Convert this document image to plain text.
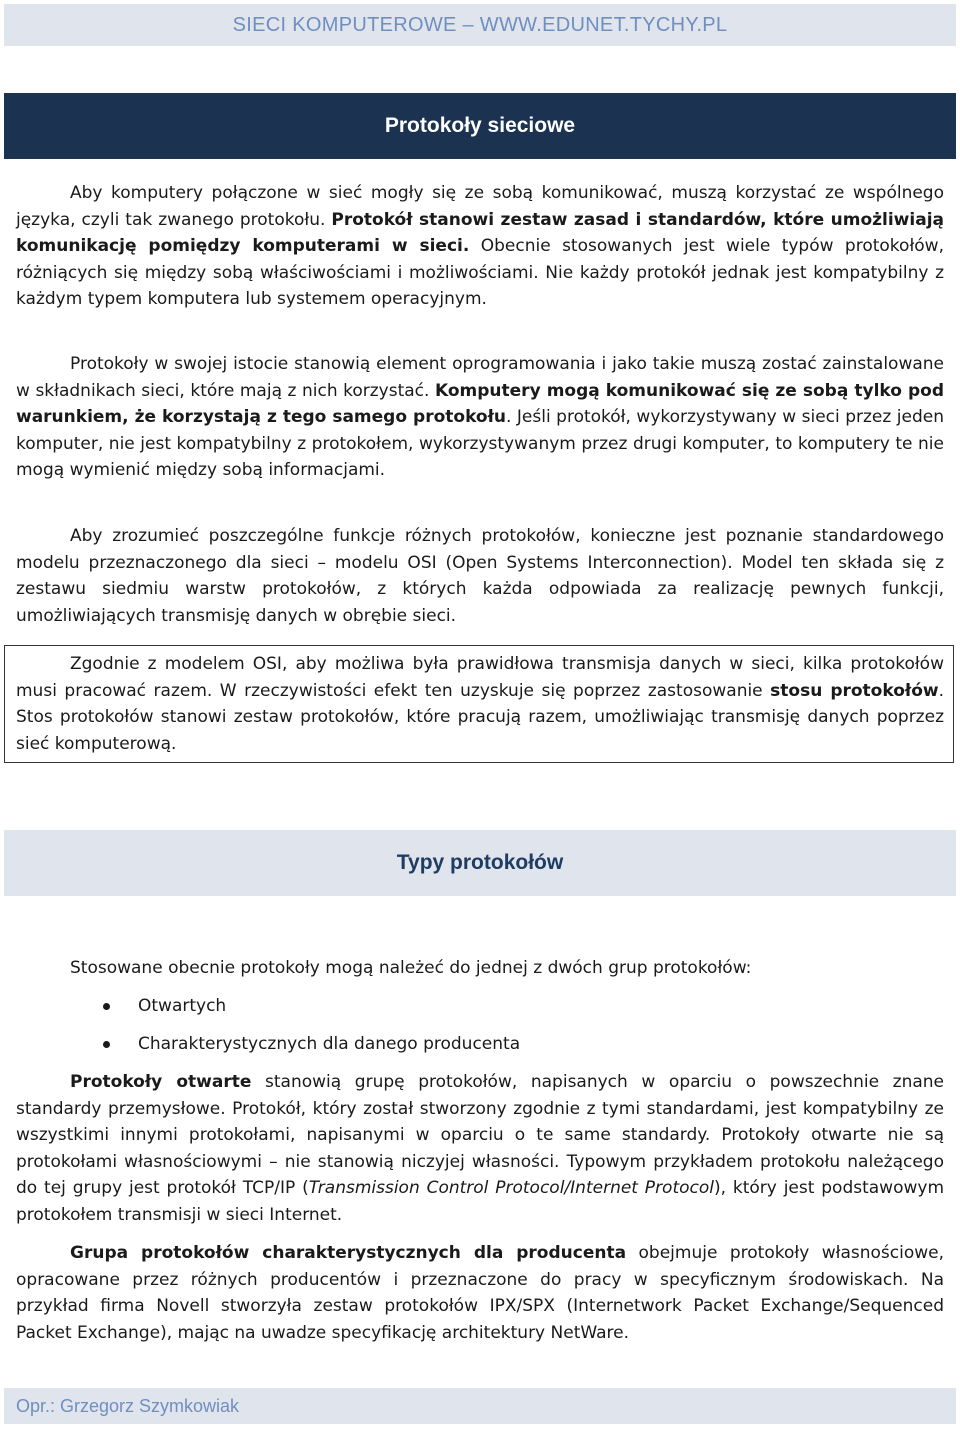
SIECI KOMPUTEROWE – WWW.EDUNET.TYCHY.PL
Protokoły sieciowe

Aby komputery połączone w sieć mogły się ze sobą komunikować, muszą korzystać ze wspólnego języka, czyli tak zwanego protokołu. Protokół stanowi zestaw zasad i standardów, które umożliwiają komunikację pomiędzy komputerami w sieci. Obecnie stosowanych jest wiele typów protokołów, różniących się między sobą właściwościami i możliwościami. Nie każdy protokół jednak jest kompatybilny z każdym typem komputera lub systemem operacyjnym.

Protokoły w swojej istocie stanowią element oprogramowania i jako takie muszą zostać zainstalowane w składnikach sieci, które mają z nich korzystać. Komputery mogą komunikować się ze sobą tylko pod warunkiem, że korzystają z tego samego protokołu. Jeśli protokół, wykorzystywany w sieci przez jeden komputer, nie jest kompatybilny z protokołem, wykorzystywanym przez drugi komputer, to komputery te nie mogą wymienić między sobą informacjami.

Aby zrozumieć poszczególne funkcje różnych protokołów, konieczne jest poznanie standardowego modelu przeznaczonego dla sieci – modelu OSI (Open Systems Interconnection). Model ten składa się z zestawu siedmiu warstw protokołów, z których każda odpowiada za realizację pewnych funkcji, umożliwiających transmisję danych w obrębie sieci.

Zgodnie z modelem OSI, aby możliwa była prawidłowa transmisja danych w sieci, kilka protokołów musi pracować razem. W rzeczywistości efekt ten uzyskuje się poprzez zastosowanie stosu protokołów. Stos protokołów stanowi zestaw protokołów, które pracują razem, umożliwiając transmisję danych poprzez sieć komputerową.

Typy protokołów

Stosowane obecnie protokoły mogą należeć do jednej z dwóch grup protokołów:

Otwartych
Charakterystycznych dla danego producenta

Protokoły otwarte stanowią grupę protokołów, napisanych w oparciu o powszechnie znane standardy przemysłowe. Protokół, który został stworzony zgodnie z tymi standardami, jest kompatybilny ze wszystkimi innymi protokołami, napisanymi w oparciu o te same standardy. Protokoły otwarte nie są protokołami własnościowymi – nie stanowią niczyjej własności. Typowym przykładem protokołu należącego do tej grupy jest protokół TCP/IP (Transmission Control Protocol/Internet Protocol), który jest podstawowym protokołem transmisji w sieci Internet.

Grupa protokołów charakterystycznych dla producenta obejmuje protokoły własnościowe, opracowane przez różnych producentów i przeznaczone do pracy w specyficznym środowiskach. Na przykład firma Novell stworzyła zestaw protokołów IPX/SPX (Internetwork Packet Exchange/Sequenced Packet Exchange), mając na uwadze specyfikację architektury NetWare.

Opr.: Grzegorz Szymkowiak
